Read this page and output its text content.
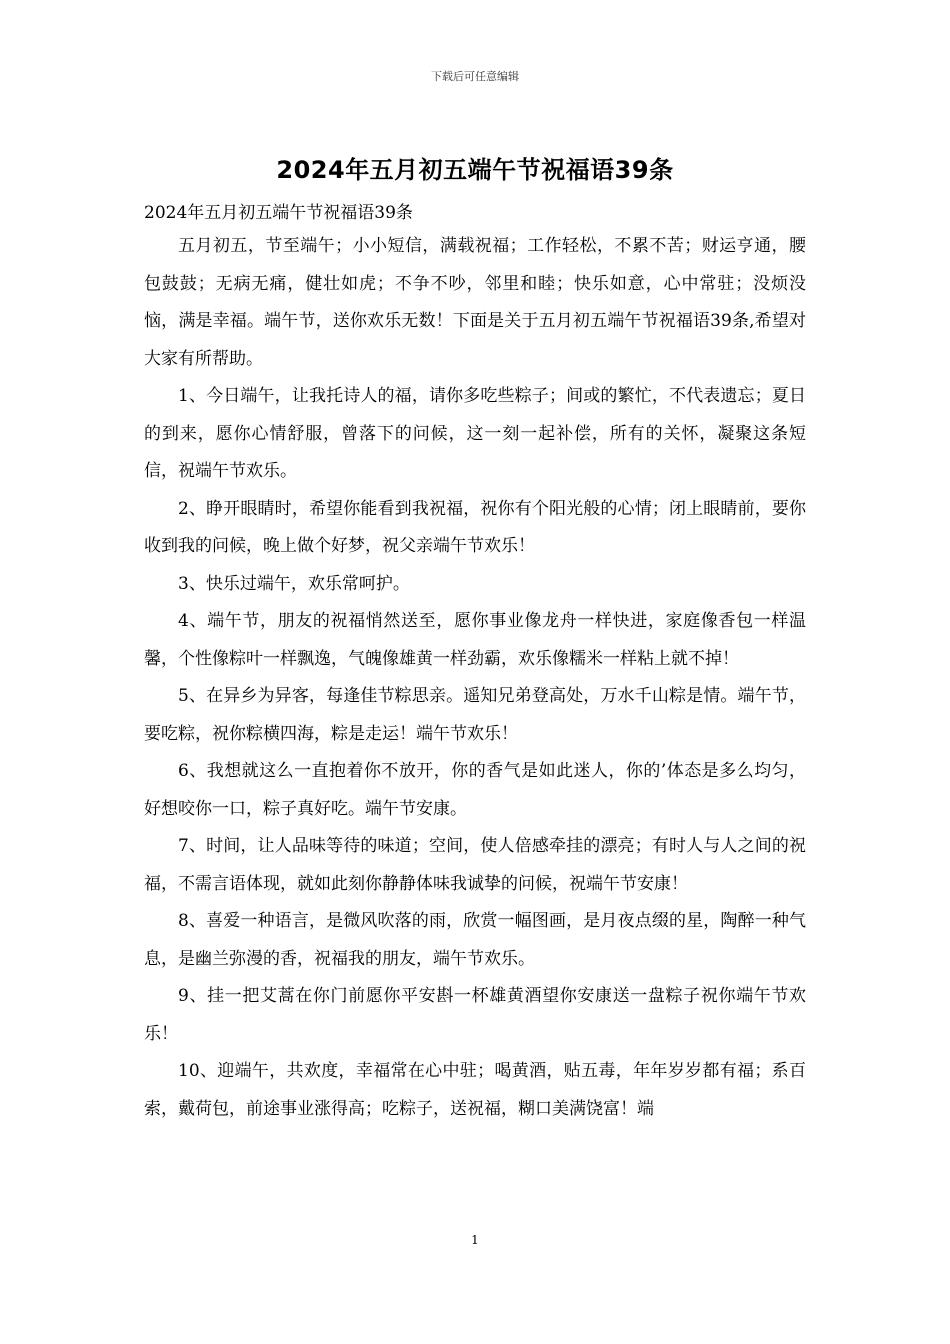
下载后可任意编辑
2024年五月初五端午节祝福语39条

2024年五月初五端午节祝福语39条

五月初五，节至端午；小小短信，满载祝福；工作轻松，不累不苦；财运亨通，腰包鼓鼓；无病无痛，健壮如虎；不争不吵，邻里和睦；快乐如意，心中常驻；没烦没恼，满是幸福。端午节，送你欢乐无数！下面是关于五月初五端午节祝福语39条,希望对大家有所帮助。

1、今日端午，让我托诗人的福，请你多吃些粽子；间或的繁忙，不代表遗忘；夏日的到来，愿你心情舒服，曾落下的问候，这一刻一起补偿，所有的关怀，凝聚这条短信，祝端午节欢乐。

2、睁开眼睛时，希望你能看到我祝福，祝你有个阳光般的心情；闭上眼睛前，要你收到我的问候，晚上做个好梦，祝父亲端午节欢乐！

3、快乐过端午，欢乐常呵护。

4、端午节，朋友的祝福悄然送至，愿你事业像龙舟一样快进，家庭像香包一样温馨，个性像粽叶一样飘逸，气魄像雄黄一样劲霸，欢乐像糯米一样粘上就不掉！

5、在异乡为异客，每逢佳节粽思亲。遥知兄弟登高处，万水千山粽是情。端午节，要吃粽，祝你粽横四海，粽是走运！端午节欢乐！

6、我想就这么一直抱着你不放开，你的香气是如此迷人，你的’体态是多么均匀，好想咬你一口，粽子真好吃。端午节安康。

7、时间，让人品味等待的味道；空间，使人倍感牵挂的漂亮；有时人与人之间的祝福，不需言语体现，就如此刻你静静体味我诚挚的问候，祝端午节安康！

8、喜爱一种语言，是微风吹落的雨，欣赏一幅图画，是月夜点缀的星，陶醉一种气息，是幽兰弥漫的香，祝福我的朋友，端午节欢乐。

9、挂一把艾蒿在你门前愿你平安斟一杯雄黄酒望你安康送一盘粽子祝你端午节欢乐！

10、迎端午，共欢度，幸福常在心中驻；喝黄酒，贴五毒，年年岁岁都有福；系百索，戴荷包，前途事业涨得高；吃粽子，送祝福，糊口美满饶富！端

1
